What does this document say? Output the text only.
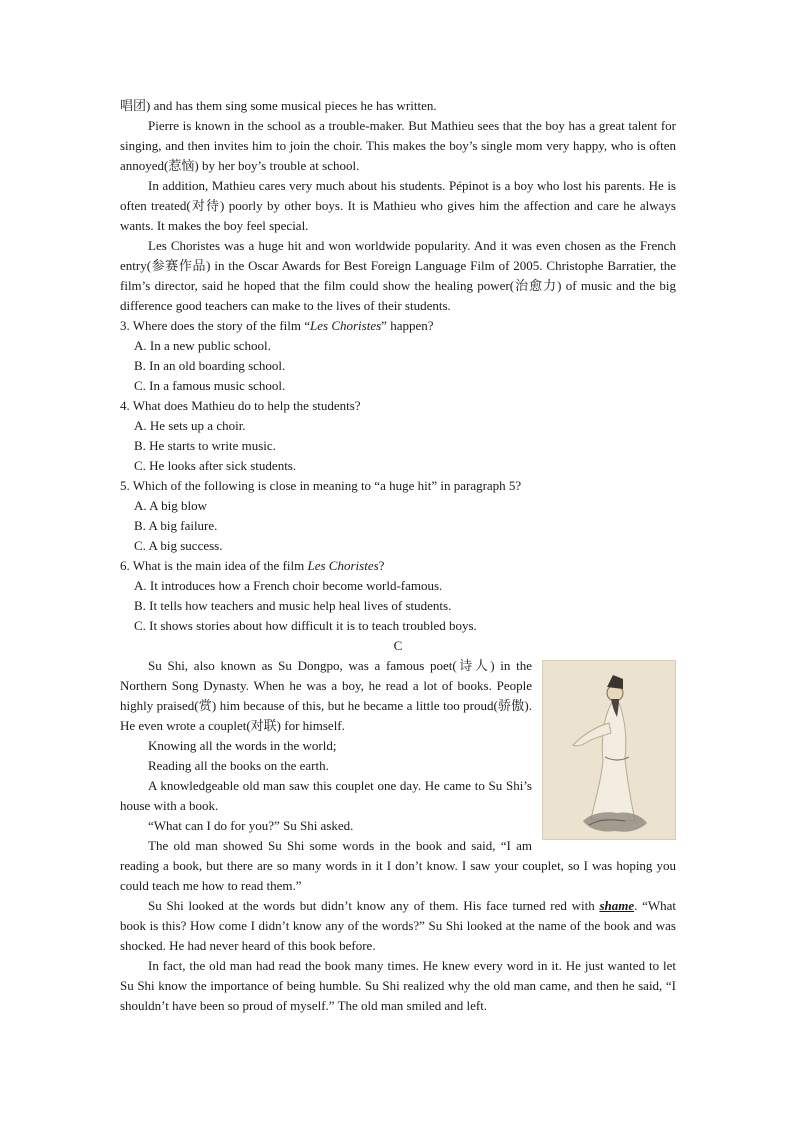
唱团) and has them sing some musical pieces he has written.

Pierre is known in the school as a trouble-maker. But Mathieu sees that the boy has a great talent for singing, and then invites him to join the choir. This makes the boy’s single mom very happy, who is often annoyed(惹恼) by her boy’s trouble at school.

In addition, Mathieu cares very much about his students. Pépinot is a boy who lost his parents. He is often treated(对待) poorly by other boys. It is Mathieu who gives him the affection and care he always wants. It makes the boy feel special.

Les Choristes was a huge hit and won worldwide popularity. And it was even chosen as the French entry(参赛作品) in the Oscar Awards for Best Foreign Language Film of 2005. Christophe Barratier, the film’s director, said he hoped that the film could show the healing power(治愈力) of music and the big difference good teachers can make to the lives of their students.

3. Where does the story of the film “Les Choristes” happen?

A. In a new public school.

B. In an old boarding school.

C. In a famous music school.

4. What does Mathieu do to help the students?

A. He sets up a choir.

B. He starts to write music.

C. He looks after sick students.

5. Which of the following is close in meaning to “a huge hit” in paragraph 5?

A. A big blow

B. A big failure.

C. A big success.

6. What is the main idea of the film Les Choristes?

A. It introduces how a French choir become world-famous.

B. It tells how teachers and music help heal lives of students.

C. It shows stories about how difficult it is to teach troubled boys.

C

Su Shi, also known as Su Dongpo, was a famous poet(诗人) in the Northern Song Dynasty. When he was a boy, he read a lot of books. People highly praised(赏) him because of this, but he became a little too proud(骄傲). He even wrote a couplet(对联) for himself.

Knowing all the words in the world;

Reading all the books on the earth.

A knowledgeable old man saw this couplet one day. He came to Su Shi’s house with a book.

“What can I do for you?” Su Shi asked.

The old man showed Su Shi some words in the book and said, “I am reading a book, but there are so many words in it I don’t know. I saw your couplet, so I was hoping you could teach me how to read them.”

Su Shi looked at the words but didn’t know any of them. His face turned red with shame. “What book is this? How come I didn’t know any of the words?” Su Shi looked at the name of the book and was shocked. He had never heard of this book before.

In fact, the old man had read the book many times. He knew every word in it. He just wanted to let Su Shi know the importance of being humble. Su Shi realized why the old man came, and then he said, “I shouldn’t have been so proud of myself.” The old man smiled and left.
